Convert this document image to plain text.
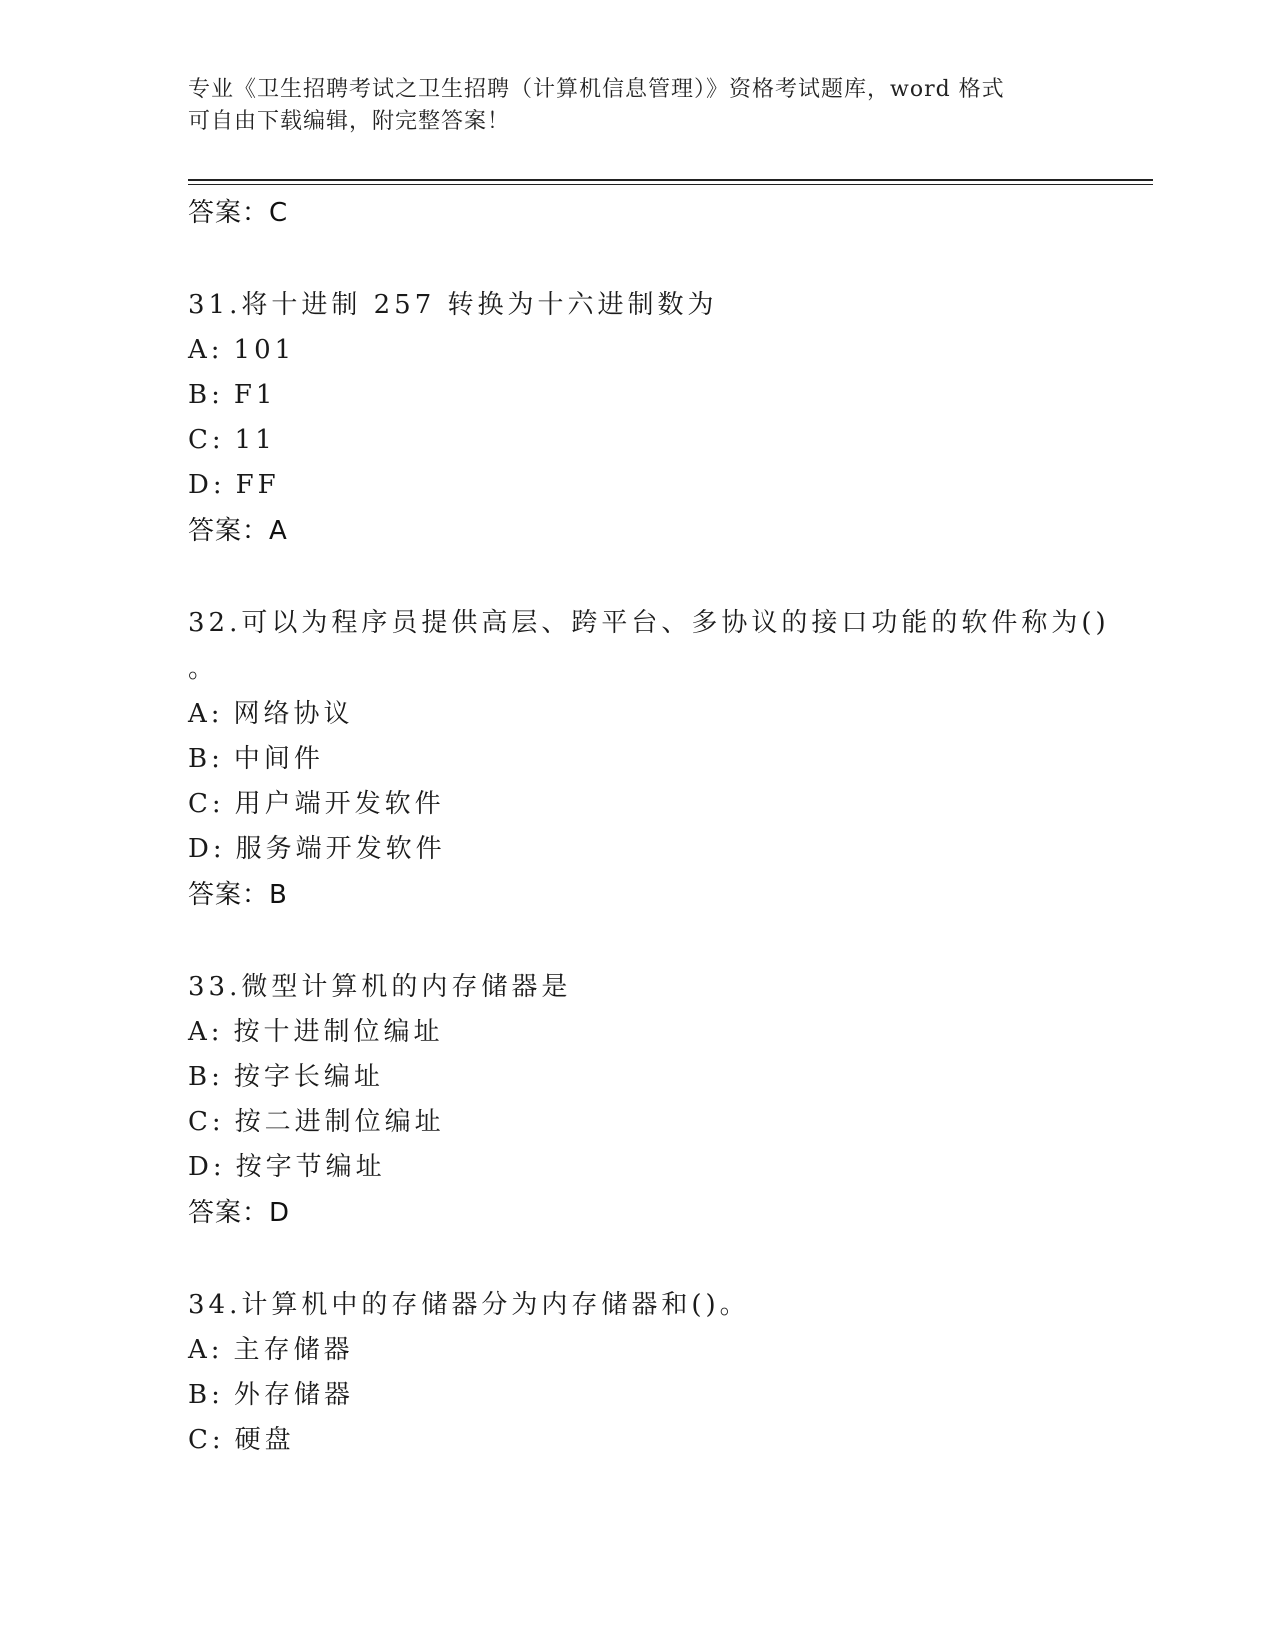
专业《卫生招聘考试之卫生招聘（计算机信息管理）》资格考试题库，word 格式
可自由下载编辑，附完整答案！
答案：C
31.将十进制 257 转换为十六进制数为
A: 101
B: F1
C: 11
D: FF
答案：A
32.可以为程序员提供高层、跨平台、多协议的接口功能的软件称为()
。
A: 网络协议
B: 中间件
C: 用户端开发软件
D: 服务端开发软件
答案：B
33.微型计算机的内存储器是
A: 按十进制位编址
B: 按字长编址
C: 按二进制位编址
D: 按字节编址
答案：D
34.计算机中的存储器分为内存储器和()。
A: 主存储器
B: 外存储器
C: 硬盘
